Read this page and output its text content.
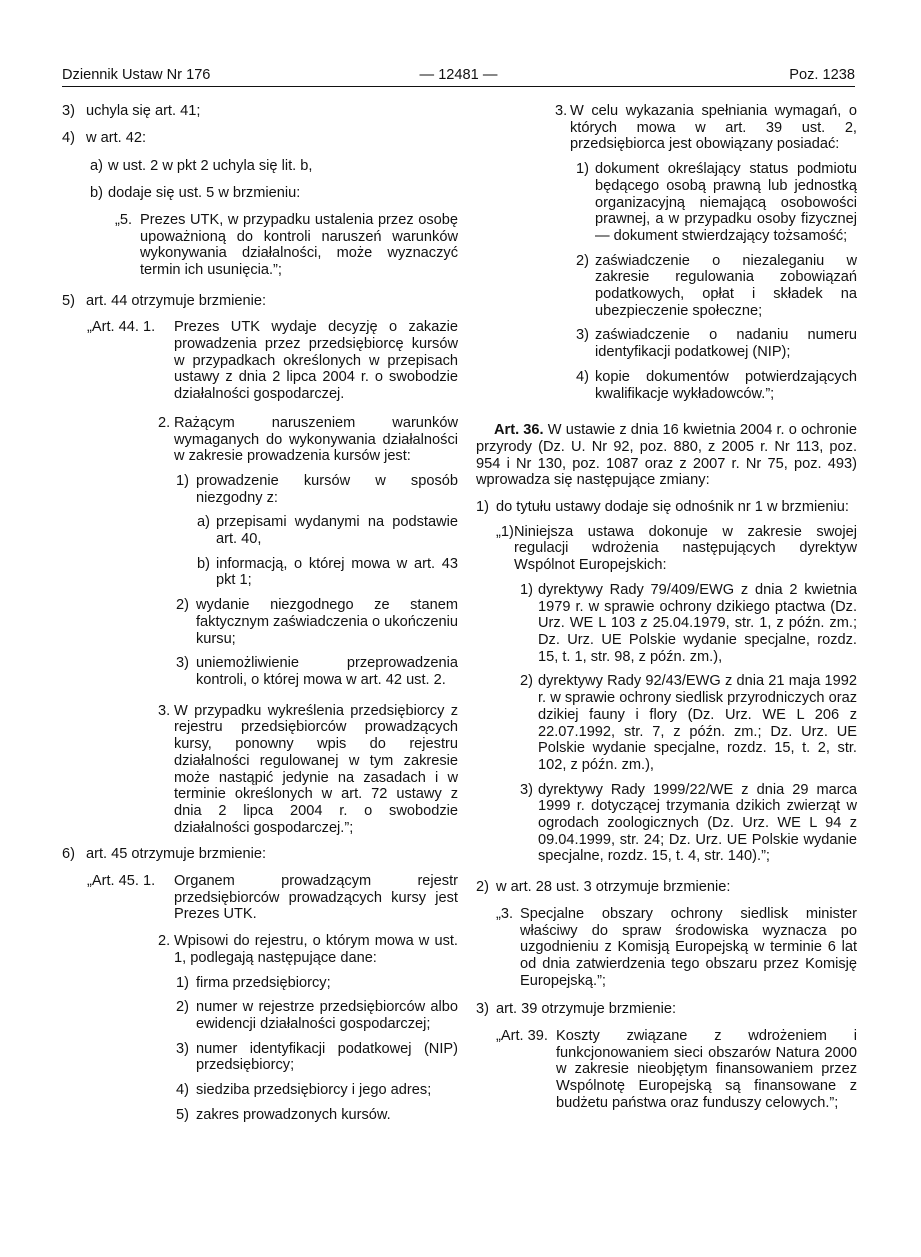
Dziennik Ustaw Nr 176	— 12481 —	Poz. 1238
3) uchyla się art. 41;
4) w art. 42:
a) w ust. 2 w pkt 2 uchyla się lit. b,
b) dodaje się ust. 5 w brzmieniu:
„5. Prezes UTK, w przypadku ustalenia przez osobę upoważnioną do kontroli naruszeń warunków wykonywania działalności, może wyznaczyć termin ich usunięcia.”;
5) art. 44 otrzymuje brzmienie:
„Art. 44. 1. Prezes UTK wydaje decyzję o zakazie prowadzenia przez przedsiębiorcę kursów w przypadkach określonych w przepisach ustawy z dnia 2 lipca 2004 r. o swobodzie działalności gospodarczej.
2. Rażącym naruszeniem warunków wymaganych do wykonywania działalności w zakresie prowadzenia kursów jest:
1) prowadzenie kursów w sposób niezgodny z:
a) przepisami wydanymi na podstawie art. 40,
b) informacją, o której mowa w art. 43 pkt 1;
2) wydanie niezgodnego ze stanem faktycznym zaświadczenia o ukończeniu kursu;
3) uniemożliwienie przeprowadzenia kontroli, o której mowa w art. 42 ust. 2.
3. W przypadku wykreślenia przedsiębiorcy z rejestru przedsiębiorców prowadzących kursy, ponowny wpis do rejestru działalności regulowanej w tym zakresie może nastąpić jedynie na zasadach i w terminie określonych w art. 72 ustawy z dnia 2 lipca 2004 r. o swobodzie działalności gospodarczej.”;
6) art. 45 otrzymuje brzmienie:
„Art. 45. 1. Organem prowadzącym rejestr przedsiębiorców prowadzących kursy jest Prezes UTK.
2. Wpisowi do rejestru, o którym mowa w ust. 1, podlegają następujące dane:
1) firma przedsiębiorcy;
2) numer w rejestrze przedsiębiorców albo ewidencji działalności gospodarczej;
3) numer identyfikacji podatkowej (NIP) przedsiębiorcy;
4) siedziba przedsiębiorcy i jego adres;
5) zakres prowadzonych kursów.
3. W celu wykazania spełniania wymagań, o których mowa w art. 39 ust. 2, przedsiębiorca jest obowiązany posiadać:
1) dokument określający status podmiotu będącego osobą prawną lub jednostką organizacyjną niemającą osobowości prawnej, a w przypadku osoby fizycznej — dokument stwierdzający tożsamość;
2) zaświadczenie o niezaleganiu w zakresie regulowania zobowiązań podatkowych, opłat i składek na ubezpieczenie społeczne;
3) zaświadczenie o nadaniu numeru identyfikacji podatkowej (NIP);
4) kopie dokumentów potwierdzających kwalifikacje wykładowców.”;
Art. 36. W ustawie z dnia 16 kwietnia 2004 r. o ochronie przyrody (Dz. U. Nr 92, poz. 880, z 2005 r. Nr 113, poz. 954 i Nr 130, poz. 1087 oraz z 2007 r. Nr 75, poz. 493) wprowadza się następujące zmiany:
1) do tytułu ustawy dodaje się odnośnik nr 1 w brzmieniu:
„1) Niniejsza ustawa dokonuje w zakresie swojej regulacji wdrożenia następujących dyrektyw Wspólnot Europejskich:
1) dyrektywy Rady 79/409/EWG z dnia 2 kwietnia 1979 r. w sprawie ochrony dzikiego ptactwa (Dz. Urz. WE L 103 z 25.04.1979, str. 1, z późn. zm.; Dz. Urz. UE Polskie wydanie specjalne, rozdz. 15, t. 1, str. 98, z późn. zm.),
2) dyrektywy Rady 92/43/EWG z dnia 21 maja 1992 r. w sprawie ochrony siedlisk przyrodniczych oraz dzikiej fauny i flory (Dz. Urz. WE L 206 z 22.07.1992, str. 7, z późn. zm.; Dz. Urz. UE Polskie wydanie specjalne, rozdz. 15, t. 2, str. 102, z późn. zm.),
3) dyrektywy Rady 1999/22/WE z dnia 29 marca 1999 r. dotyczącej trzymania dzikich zwierząt w ogrodach zoologicznych (Dz. Urz. WE L 94 z 09.04.1999, str. 24; Dz. Urz. UE Polskie wydanie specjalne, rozdz. 15, t. 4, str. 140).”;
2) w art. 28 ust. 3 otrzymuje brzmienie:
„3. Specjalne obszary ochrony siedlisk minister właściwy do spraw środowiska wyznacza po uzgodnieniu z Komisją Europejską w terminie 6 lat od dnia zatwierdzenia tego obszaru przez Komisję Europejską.”;
3) art. 39 otrzymuje brzmienie:
„Art. 39. Koszty związane z wdrożeniem i funkcjonowaniem sieci obszarów Natura 2000 w zakresie nieobjętym finansowaniem przez Wspólnotę Europejską są finansowane z budżetu państwa oraz funduszy celowych.”;
